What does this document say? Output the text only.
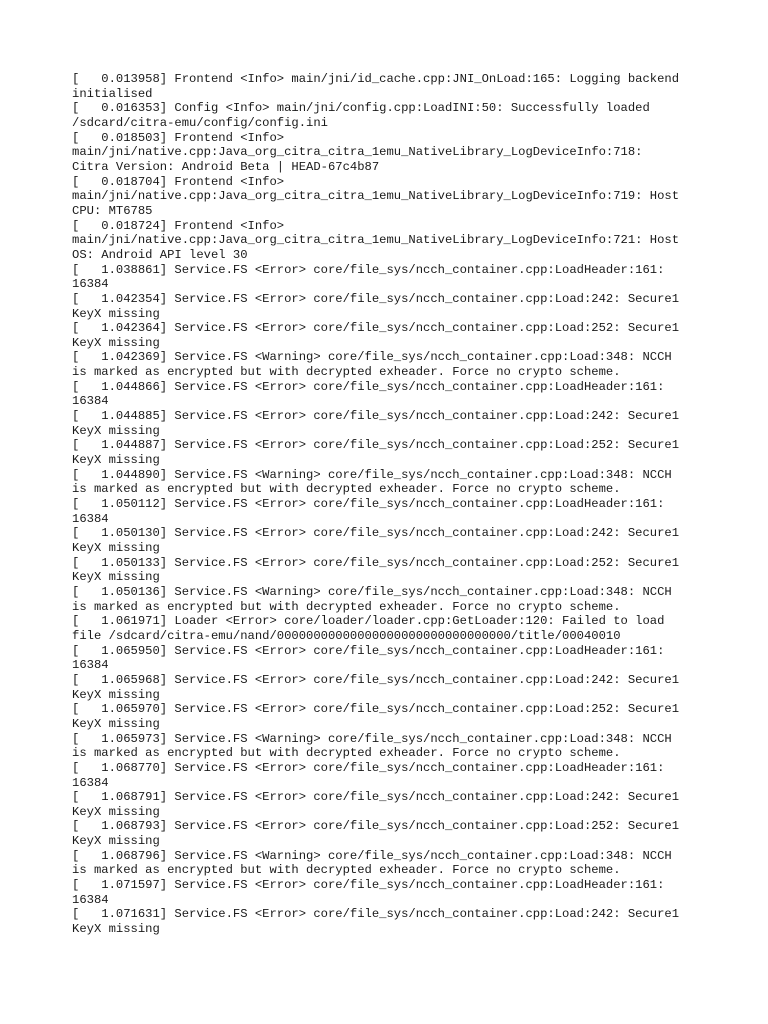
[   0.013958] Frontend <Info> main/jni/id_cache.cpp:JNI_OnLoad:165: Logging backend
initialised
[   0.016353] Config <Info> main/jni/config.cpp:LoadINI:50: Successfully loaded
/sdcard/citra-emu/config/config.ini
[   0.018503] Frontend <Info>
main/jni/native.cpp:Java_org_citra_citra_1emu_NativeLibrary_LogDeviceInfo:718:
Citra Version: Android Beta | HEAD-67c4b87
[   0.018704] Frontend <Info>
main/jni/native.cpp:Java_org_citra_citra_1emu_NativeLibrary_LogDeviceInfo:719: Host
CPU: MT6785
[   0.018724] Frontend <Info>
main/jni/native.cpp:Java_org_citra_citra_1emu_NativeLibrary_LogDeviceInfo:721: Host
OS: Android API level 30
[   1.038861] Service.FS <Error> core/file_sys/ncch_container.cpp:LoadHeader:161:
16384
[   1.042354] Service.FS <Error> core/file_sys/ncch_container.cpp:Load:242: Secure1
KeyX missing
[   1.042364] Service.FS <Error> core/file_sys/ncch_container.cpp:Load:252: Secure1
KeyX missing
[   1.042369] Service.FS <Warning> core/file_sys/ncch_container.cpp:Load:348: NCCH
is marked as encrypted but with decrypted exheader. Force no crypto scheme.
[   1.044866] Service.FS <Error> core/file_sys/ncch_container.cpp:LoadHeader:161:
16384
[   1.044885] Service.FS <Error> core/file_sys/ncch_container.cpp:Load:242: Secure1
KeyX missing
[   1.044887] Service.FS <Error> core/file_sys/ncch_container.cpp:Load:252: Secure1
KeyX missing
[   1.044890] Service.FS <Warning> core/file_sys/ncch_container.cpp:Load:348: NCCH
is marked as encrypted but with decrypted exheader. Force no crypto scheme.
[   1.050112] Service.FS <Error> core/file_sys/ncch_container.cpp:LoadHeader:161:
16384
[   1.050130] Service.FS <Error> core/file_sys/ncch_container.cpp:Load:242: Secure1
KeyX missing
[   1.050133] Service.FS <Error> core/file_sys/ncch_container.cpp:Load:252: Secure1
KeyX missing
[   1.050136] Service.FS <Warning> core/file_sys/ncch_container.cpp:Load:348: NCCH
is marked as encrypted but with decrypted exheader. Force no crypto scheme.
[   1.061971] Loader <Error> core/loader/loader.cpp:GetLoader:120: Failed to load
file /sdcard/citra-emu/nand/00000000000000000000000000000000/title/00040010
[   1.065950] Service.FS <Error> core/file_sys/ncch_container.cpp:LoadHeader:161:
16384
[   1.065968] Service.FS <Error> core/file_sys/ncch_container.cpp:Load:242: Secure1
KeyX missing
[   1.065970] Service.FS <Error> core/file_sys/ncch_container.cpp:Load:252: Secure1
KeyX missing
[   1.065973] Service.FS <Warning> core/file_sys/ncch_container.cpp:Load:348: NCCH
is marked as encrypted but with decrypted exheader. Force no crypto scheme.
[   1.068770] Service.FS <Error> core/file_sys/ncch_container.cpp:LoadHeader:161:
16384
[   1.068791] Service.FS <Error> core/file_sys/ncch_container.cpp:Load:242: Secure1
KeyX missing
[   1.068793] Service.FS <Error> core/file_sys/ncch_container.cpp:Load:252: Secure1
KeyX missing
[   1.068796] Service.FS <Warning> core/file_sys/ncch_container.cpp:Load:348: NCCH
is marked as encrypted but with decrypted exheader. Force no crypto scheme.
[   1.071597] Service.FS <Error> core/file_sys/ncch_container.cpp:LoadHeader:161:
16384
[   1.071631] Service.FS <Error> core/file_sys/ncch_container.cpp:Load:242: Secure1
KeyX missing
